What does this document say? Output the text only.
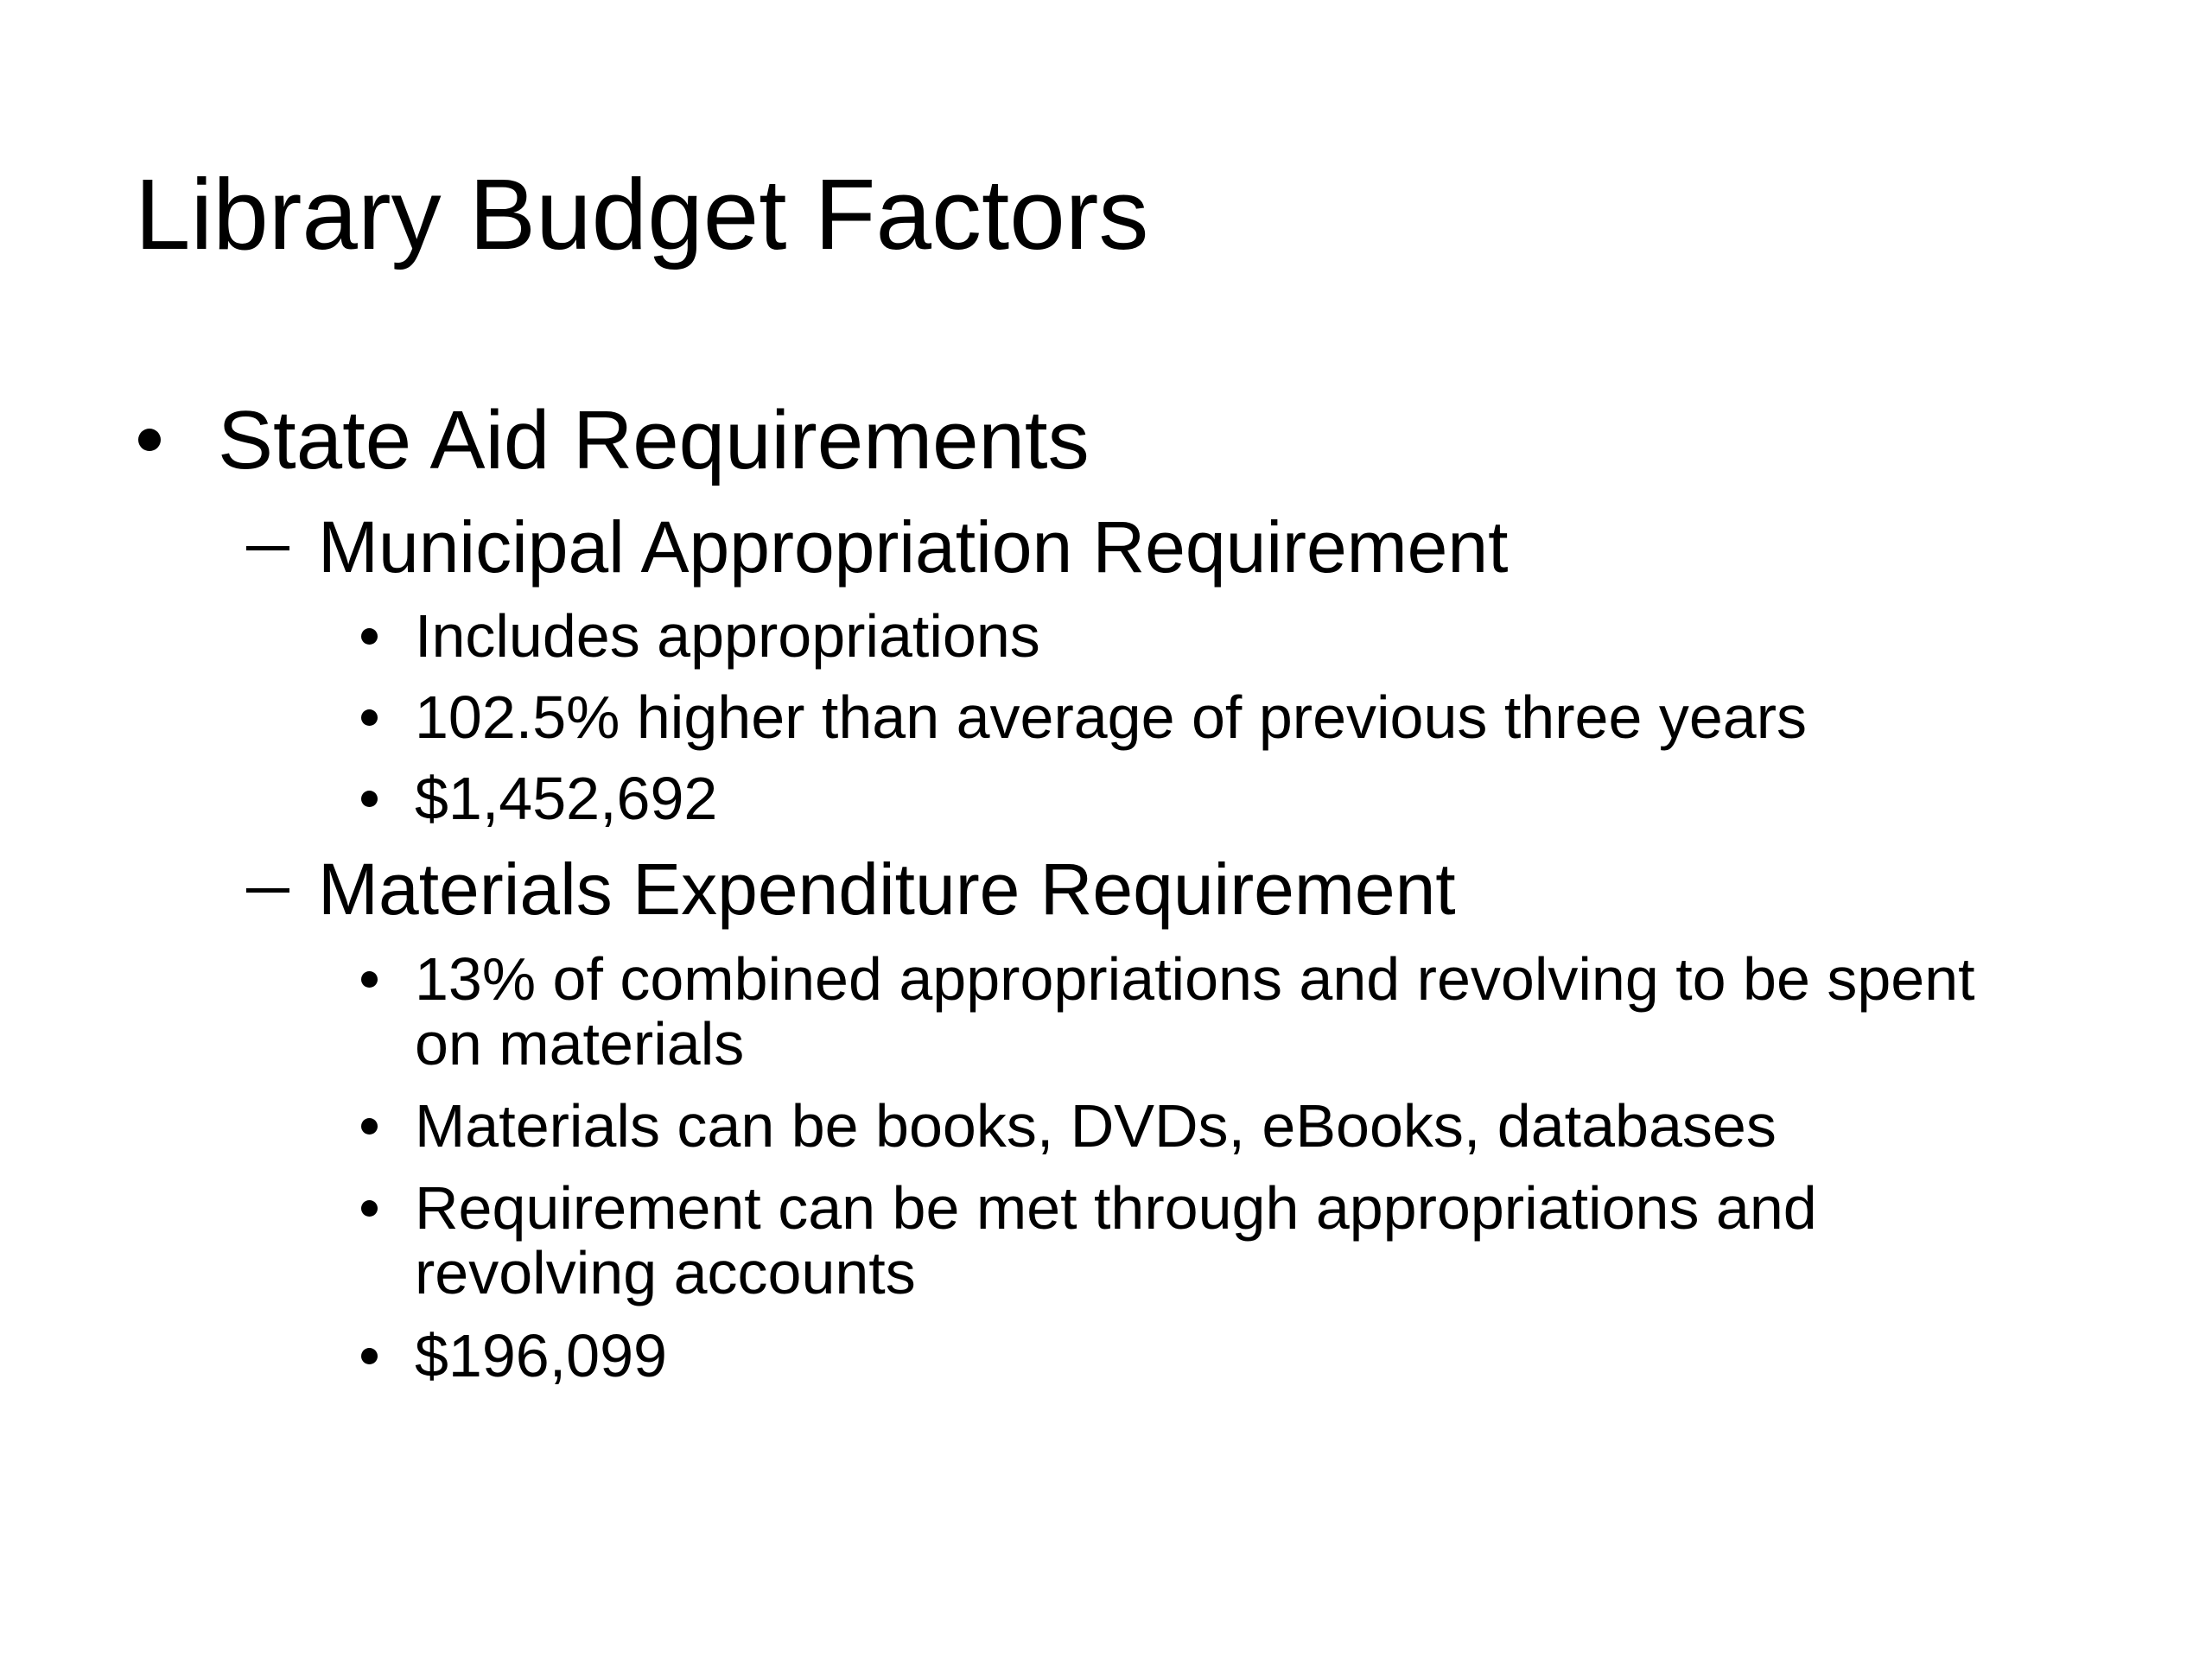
Library Budget Factors
State Aid Requirements
Municipal Appropriation Requirement
Includes appropriations
102.5% higher than average of previous three years
$1,452,692
Materials Expenditure Requirement
13% of combined appropriations and revolving to be spent
on materials
Materials can be books, DVDs, eBooks, databases
Requirement can be met through appropriations and
revolving accounts
$196,099
